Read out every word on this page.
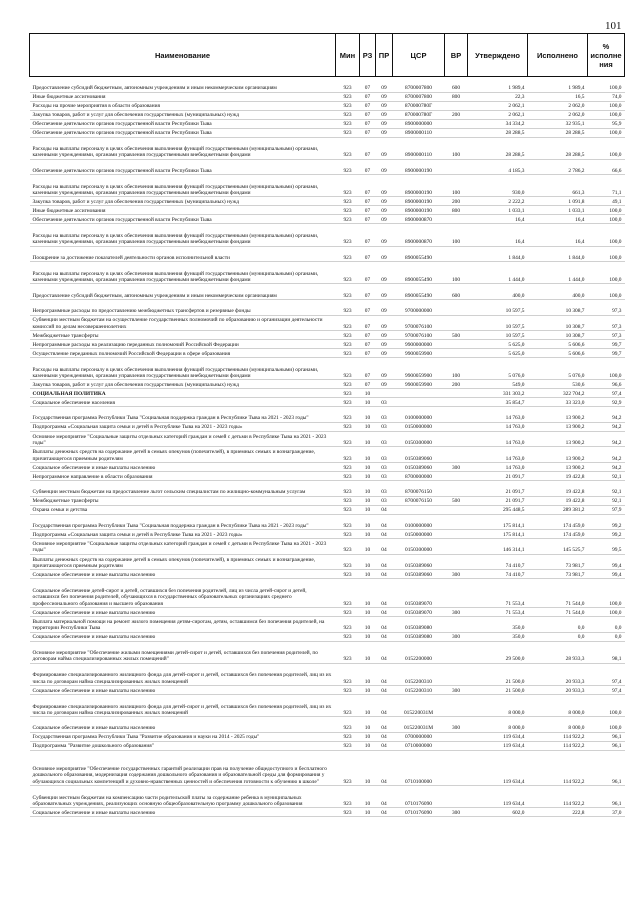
101
Наименование	Мин	РЗ	ПР	ЦСР	ВР	Утверждено	Исполнено	% исполне ния
Предоставление субсидий бюджетным, автономным учреждениям и иным некоммерческим организациям	923	07	09	8700007800	600	1 989,4	1 989,4	100,0
Иные бюджетные ассигнования	923	07	09	8700007800	800	22,3	16,5	74,0
Расходы на прочие мероприятия в области образования	923	07	09	870000780Г		2 062,1	2 062,0	100,0
Закупка товаров, работ и услуг для обеспечения государственных (муниципальных) нужд	923	07	09	870000780Г	200	2 062,1	2 062,0	100,0
Обеспечение деятельности органов государственной власти Республики Тыва	923	07	09	8900000000		34 334,2	32 935,1	95,9
Обеспечение деятельности органов государственной власти Республики Тыва	923	07	09	8900000110		28 288,5	28 288,5	100,0
Расходы на выплаты персоналу в целях обеспечения выполнения функций государственными (муниципальными) органами, казенными учреждениями, органами управления государственными внебюджетными фондами	923	07	09	8900000110	100	28 288,5	28 288,5	100,0
Обеспечение деятельности органов государственной власти Республики Тыва	923	07	09	8900000190		4 185,3	2 786,2	66,6
Расходы на выплаты персоналу в целях обеспечения выполнения функций государственными (муниципальными) органами, казенными учреждениями, органами управления государственными внебюджетными фондами	923	07	09	8900000190	100	930,0	661,3	71,1
Закупка товаров, работ и услуг для обеспечения государственных (муниципальных) нужд	923	07	09	8900000190	200	2 222,2	1 091,8	49,1
Иные бюджетные ассигнования	923	07	09	8900000190	800	1 033,1	1 033,1	100,0
Обеспечение деятельности органов государственной власти Республики Тыва	923	07	09	8900000870		16,4	16,4	100,0
Расходы на выплаты персоналу в целях обеспечения выполнения функций государственными (муниципальными) органами, казенными учреждениями, органами управления государственными внебюджетными фондами	923	07	09	8900000870	100	16,4	16,4	100,0
Поощрение за достижение показателей деятельности органов исполнительной власти	923	07	09	8900055490		1 844,0	1 844,0	100,0
Расходы на выплаты персоналу в целях обеспечения выполнения функций государственными (муниципальными) органами, казенными учреждениями, органами управления государственными внебюджетными фондами	923	07	09	8900055490	100	1 444,0	1 444,0	100,0
Предоставление субсидий бюджетным, автономным учреждениям и иным некоммерческим организациям	923	07	09	8900055490	600	400,0	400,0	100,0
Непрограммные расходы по предоставлению межбюджетных трансфертов и резервные фонды	923	07	09	9700000000		10 597,5	10 308,7	97,3
Субвенции местным бюджетам на осуществление государственных полномочий по образованию и организации деятельности комиссий по делам несовершеннолетних	923	07	09	9700076100		10 597,5	10 308,7	97,3
Межбюджетные трансферты	923	07	09	9700076100	500	10 597,5	10 308,7	97,3
Непрограммные расходы на реализацию переданных полномочий Российской Федерации	923	07	09	9900000000		5 625,0	5 606,6	99,7
Осуществление переданных полномочий Российской Федерации в сфере образования	923	07	09	9900059900		5 625,0	5 606,6	99,7
Расходы на выплаты персоналу в целях обеспечения выполнения функций государственными (муниципальными) органами, казенными учреждениями, органами управления государственными внебюджетными фондами	923	07	09	9900059900	100	5 076,0	5 076,0	100,0
Закупка товаров, работ и услуг для обеспечения государственных (муниципальных) нужд	923	07	09	9900059900	200	549,0	530,6	96,6
СОЦИАЛЬНАЯ ПОЛИТИКА	923	10				331 303,2	322 704,2	97,4
Социальное обеспечение населения	923	10	03			35 854,7	33 323,0	92,9
Государственная программа Республики Тыва "Социальная поддержка граждан в Республике Тыва на 2021 - 2023 годы"	923	10	03	0100000000		14 763,0	13 900,2	94,2
Подпрограмма «Социальная защита семьи и детей в Республике Тыва на 2021 - 2023 годы»	923	10	03	0150000000		14 763,0	13 900,2	94,2
Основное мероприятие "Социальные защиты отдельных категорий граждан и семей с детьми в Республике Тыва на 2021 - 2023 годы"	923	10	03	0150300000		14 763,0	13 900,2	94,2
Выплаты денежных средств на содержание детей в семьях опекунов (попечителей), в приемных семьях и вознаграждение, причитающегося приемным родителям	923	10	03	0150389060		14 763,0	13 900,2	94,2
Социальное обеспечение и иные выплаты населению	923	10	03	0150389060	300	14 763,0	13 900,2	94,2
Непрограммное направление в области образования	923	10	03	8700000000		21 091,7	19 422,8	92,1
Субвенции местным бюджетам на предоставление льгот сельским специалистам по жилищно-коммунальным услугам	923	10	03	8700076150		21 091,7	19 422,8	92,1
Межбюджетные трансферты	923	10	03	8700076150	500	21 091,7	19 422,8	92,1
Охрана семьи и детства	923	10	04			295 448,5	289 381,2	97,9
Государственная программа Республики Тыва "Социальная поддержка граждан в Республике Тыва на 2021 - 2023 годы"	923	10	04	0100000000		175 814,1	174 459,0	99,2
Подпрограмма «Социальная защита семьи и детей в Республике Тыва на 2021 - 2023 годы»	923	10	04	0150000000		175 814,1	174 459,0	99,2
Основное мероприятие "Социальные защиты отдельных категорий граждан и семей с детьми в Республике Тыва на 2021 - 2023 годы"	923	10	04	0150300000		146 314,1	145 525,7	99,5
Выплаты денежных средств на содержание детей в семьях опекунов (попечителей), в приемных семьях и вознаграждение, причитающегося приемным родителям	923	10	04	0150389060		74 410,7	73 981,7	99,4
Социальное обеспечение и иные выплаты населению	923	10	04	0150389060	300	74 410,7	73 981,7	99,4
Социальное обеспечение детей-сирот и детей, оставшихся без попечения родителей, лиц из числа детей-сирот и детей, оставшихся без попечения родителей, обучающихся в государственных образовательных организациях среднего профессионального образования и высшего образования	923	10	04	0150389070		71 553,4	71 544,0	100,0
Социальное обеспечение и иные выплаты населению	923	10	04	0150389070	300	71 553,4	71 544,0	100,0
Выплата материальной помощи на ремонт жилого помещения детям-сиротам, детям, оставшимся без попечения родителей, на территории Республики Тыва	923	10	04	0150389080		350,0	0,0	0,0
Социальное обеспечение и иные выплаты населению	923	10	04	0150389080	300	350,0	0,0	0,0
Основное мероприятие "Обеспечение жилыми помещениями детей-сирот и детей, оставшихся без попечения родителей, по договорам найма специализированных жилых помещений"	923	10	04	0152200000		29 500,0	28 933,3	98,1
Формирование специализированного жилищного фонда для детей-сирот и детей, оставшихся без попечения родителей, лиц из их числа по договорам найма специализированных жилых помещений	923	10	04	0152200310		21 500,0	20 933,3	97,4
Социальное обеспечение и иные выплаты населению	923	10	04	0152200310	300	21 500,0	20 933,3	97,4
Формирование специализированного жилищного фонда для детей-сирот и детей, оставшихся без попечения родителей, лиц из их числа по договорам найма специализированных жилых помещений	923	10	04	015220031М		8 000,0	8 000,0	100,0
Социальное обеспечение и иные выплаты населению	923	10	04	015220031М	300	8 000,0	8 000,0	100,0
Государственная программа Республики Тыва "Развитие образования и науки на 2014 - 2025 годы"	923	10	04	0700000000		119 634,4	114 922,2	96,1
Подпрограмма "Развитие дошкольного образования"	923	10	04	0710000000		119 634,4	114 922,2	96,1
Основное мероприятие "Обеспечение государственных гарантий реализации прав на получение общедоступного и бесплатного дошкольного образования, модернизация содержания дошкольного образования и образовательной среды для формирования у обучающихся социальных компетенций и духовно-нравственных ценностей и обеспечения готовности к обучению в школе"	923	10	04	0710100000		119 634,4	114 922,2	96,1
Субвенции местным бюджетам на компенсацию части родительской платы за содержание ребенка в муниципальных образовательных учреждениях, реализующих основную общеобразовательную программу дошкольного образования	923	10	04	0710176090		119 634,4	114 922,2	96,1
Социальное обеспечение и иные выплаты населению	923	10	04	0710176090	300	602,0	222,8	37,0
